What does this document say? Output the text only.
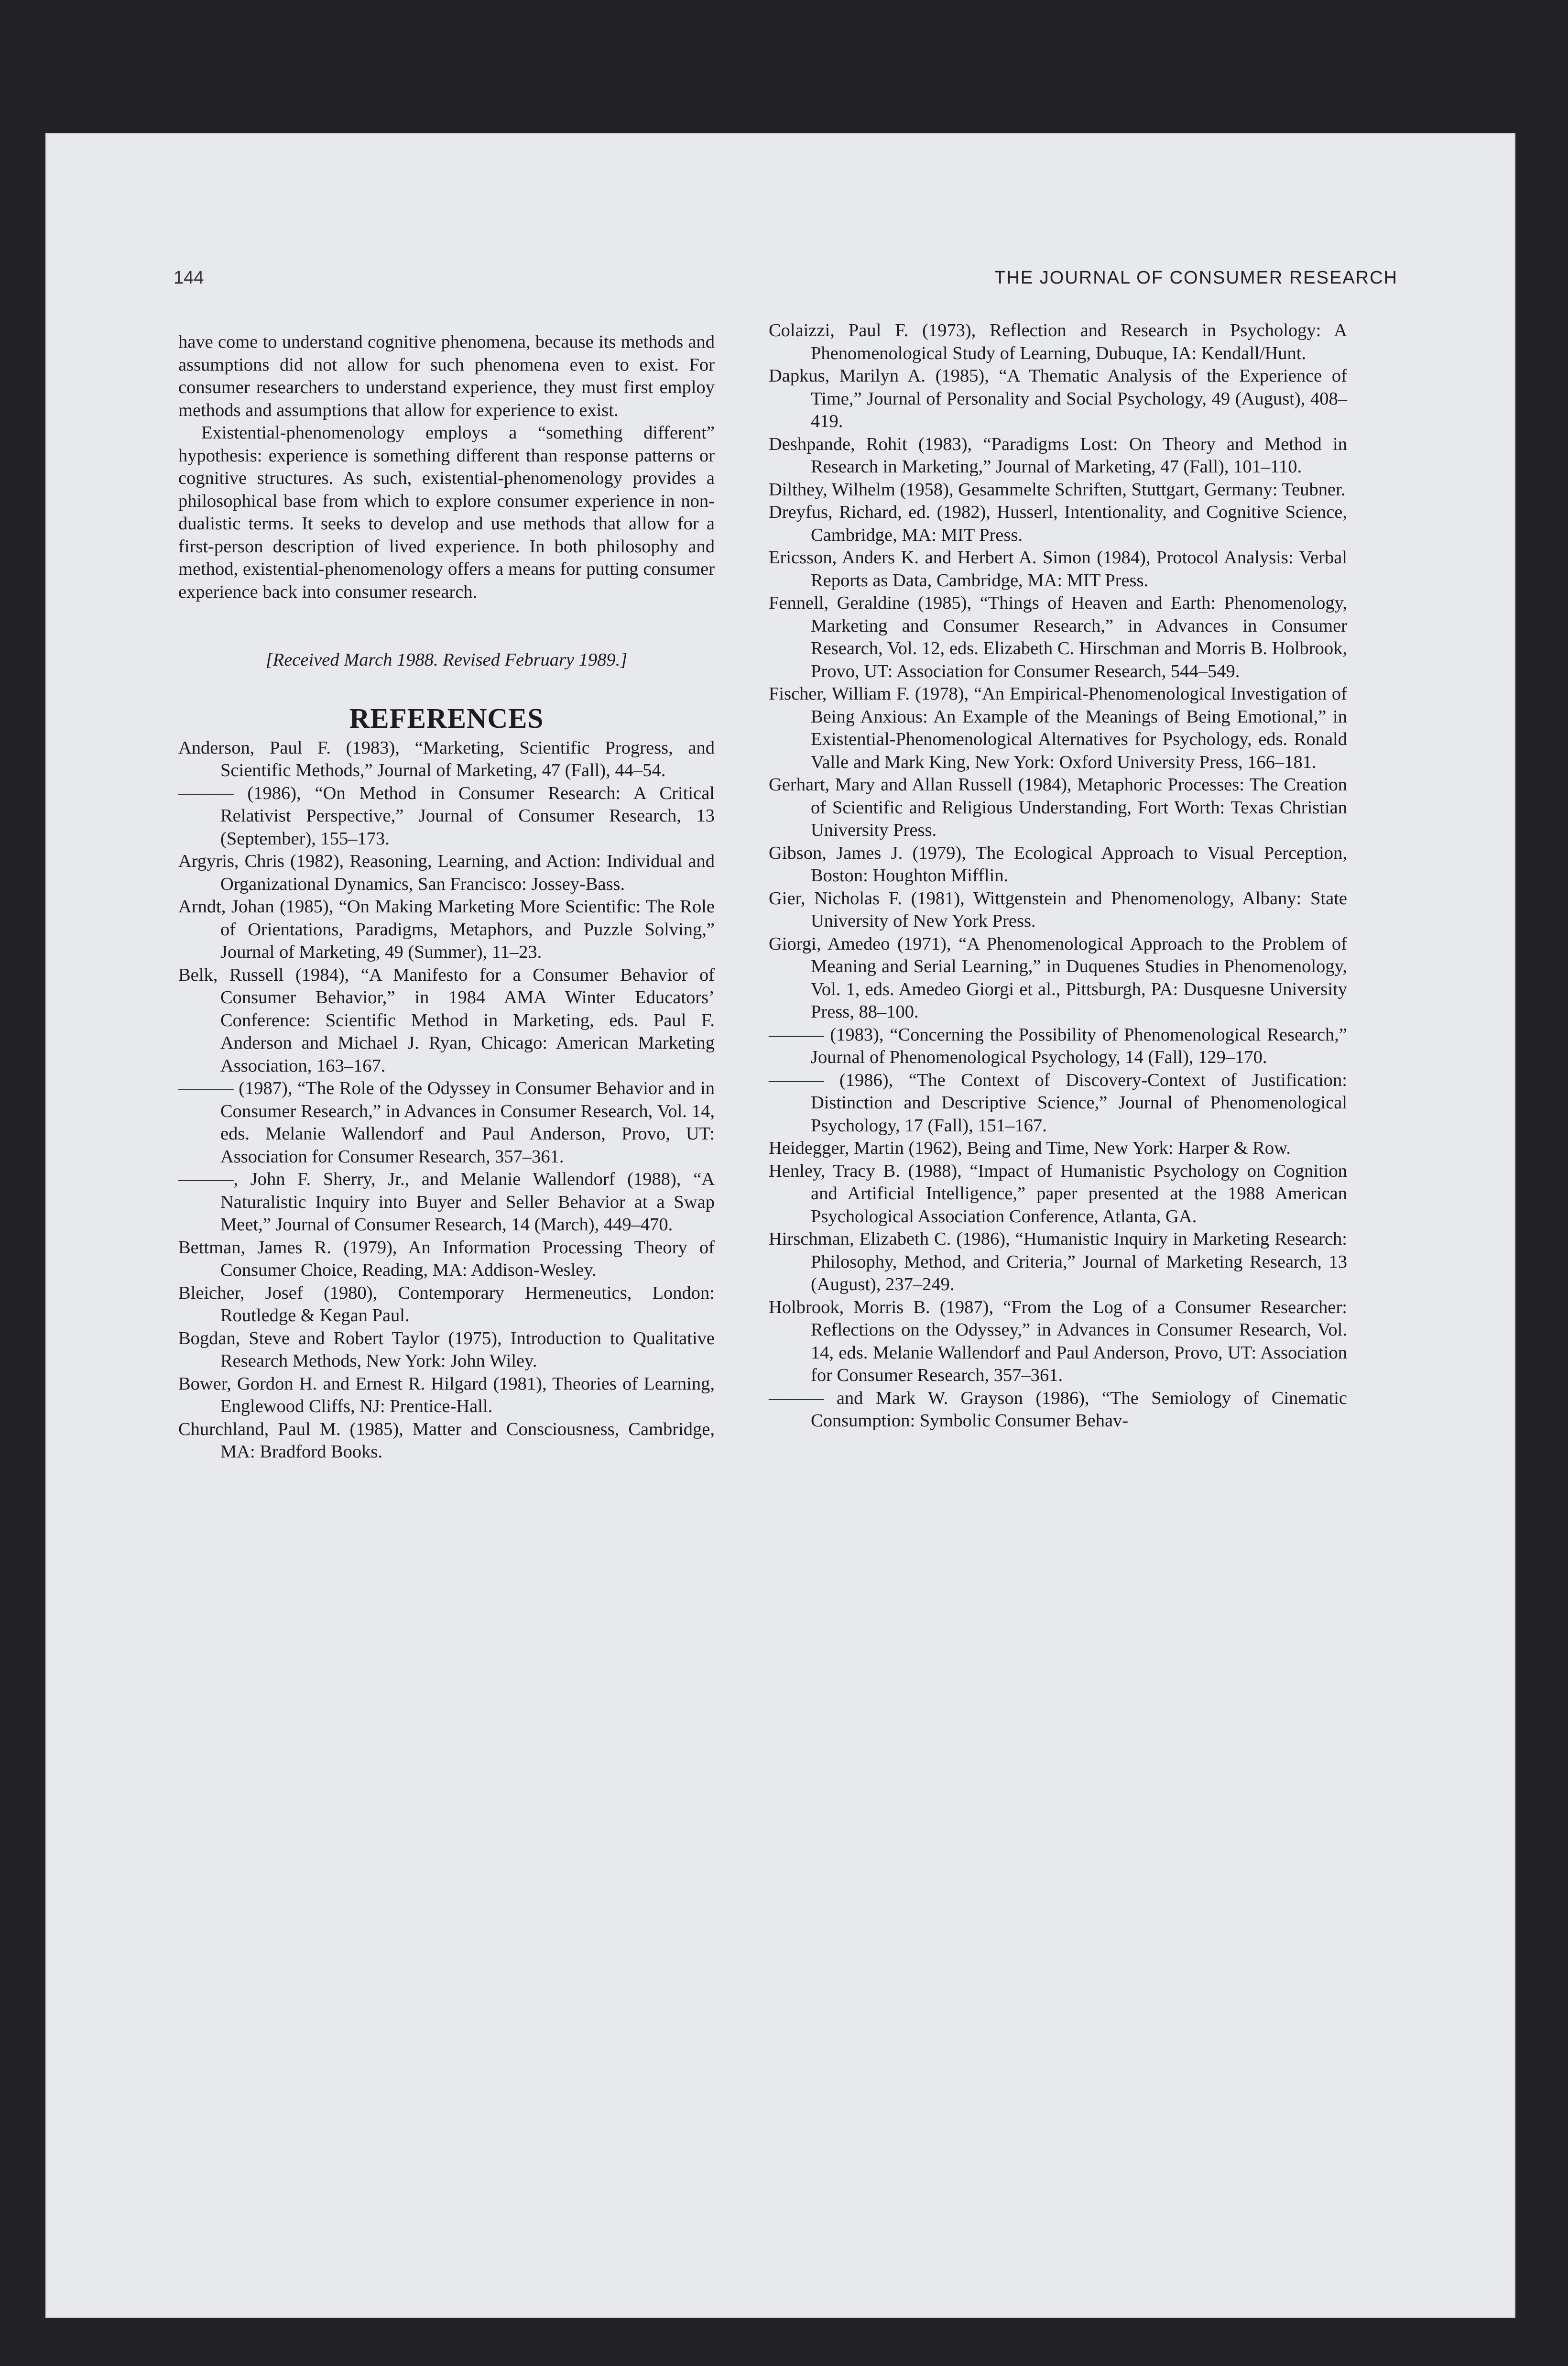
144	THE JOURNAL OF CONSUMER RESEARCH

have come to understand cognitive phenomena, because its methods and assumptions did not allow for such phenomena even to exist. For consumer researchers to understand experience, they must first employ methods and assumptions that allow for experience to exist.

Existential-phenomenology employs a “something different” hypothesis: experience is something different than response patterns or cognitive structures. As such, existential-phenomenology provides a philosophical base from which to explore consumer experience in non-dualistic terms. It seeks to develop and use methods that allow for a first-person description of lived experience. In both philosophy and method, existential-phenomenology offers a means for putting consumer experience back into consumer research.

[Received March 1988. Revised February 1989.]
REFERENCES

Anderson, Paul F. (1983), “Marketing, Scientific Progress, and Scientific Methods,” Journal of Marketing, 47 (Fall), 44–54.

——— (1986), “On Method in Consumer Research: A Critical Relativist Perspective,” Journal of Consumer Research, 13 (September), 155–173.

Argyris, Chris (1982), Reasoning, Learning, and Action: Individual and Organizational Dynamics, San Francisco: Jossey-Bass.

Arndt, Johan (1985), “On Making Marketing More Scientific: The Role of Orientations, Paradigms, Metaphors, and Puzzle Solving,” Journal of Marketing, 49 (Summer), 11–23.

Belk, Russell (1984), “A Manifesto for a Consumer Behavior of Consumer Behavior,” in 1984 AMA Winter Educators’ Conference: Scientific Method in Marketing, eds. Paul F. Anderson and Michael J. Ryan, Chicago: American Marketing Association, 163–167.

——— (1987), “The Role of the Odyssey in Consumer Behavior and in Consumer Research,” in Advances in Consumer Research, Vol. 14, eds. Melanie Wallendorf and Paul Anderson, Provo, UT: Association for Consumer Research, 357–361.

———, John F. Sherry, Jr., and Melanie Wallendorf (1988), “A Naturalistic Inquiry into Buyer and Seller Behavior at a Swap Meet,” Journal of Consumer Research, 14 (March), 449–470.

Bettman, James R. (1979), An Information Processing Theory of Consumer Choice, Reading, MA: Addison-Wesley.

Bleicher, Josef (1980), Contemporary Hermeneutics, London: Routledge & Kegan Paul.

Bogdan, Steve and Robert Taylor (1975), Introduction to Qualitative Research Methods, New York: John Wiley.

Bower, Gordon H. and Ernest R. Hilgard (1981), Theories of Learning, Englewood Cliffs, NJ: Prentice-Hall.

Churchland, Paul M. (1985), Matter and Consciousness, Cambridge, MA: Bradford Books.

Colaizzi, Paul F. (1973), Reflection and Research in Psychology: A Phenomenological Study of Learning, Dubuque, IA: Kendall/Hunt.

Dapkus, Marilyn A. (1985), “A Thematic Analysis of the Experience of Time,” Journal of Personality and Social Psychology, 49 (August), 408–419.

Deshpande, Rohit (1983), “Paradigms Lost: On Theory and Method in Research in Marketing,” Journal of Marketing, 47 (Fall), 101–110.

Dilthey, Wilhelm (1958), Gesammelte Schriften, Stuttgart, Germany: Teubner.

Dreyfus, Richard, ed. (1982), Husserl, Intentionality, and Cognitive Science, Cambridge, MA: MIT Press.

Ericsson, Anders K. and Herbert A. Simon (1984), Protocol Analysis: Verbal Reports as Data, Cambridge, MA: MIT Press.

Fennell, Geraldine (1985), “Things of Heaven and Earth: Phenomenology, Marketing and Consumer Research,” in Advances in Consumer Research, Vol. 12, eds. Elizabeth C. Hirschman and Morris B. Holbrook, Provo, UT: Association for Consumer Research, 544–549.

Fischer, William F. (1978), “An Empirical-Phenomenological Investigation of Being Anxious: An Example of the Meanings of Being Emotional,” in Existential-Phenomenological Alternatives for Psychology, eds. Ronald Valle and Mark King, New York: Oxford University Press, 166–181.

Gerhart, Mary and Allan Russell (1984), Metaphoric Processes: The Creation of Scientific and Religious Understanding, Fort Worth: Texas Christian University Press.

Gibson, James J. (1979), The Ecological Approach to Visual Perception, Boston: Houghton Mifflin.

Gier, Nicholas F. (1981), Wittgenstein and Phenomenology, Albany: State University of New York Press.

Giorgi, Amedeo (1971), “A Phenomenological Approach to the Problem of Meaning and Serial Learning,” in Duquenes Studies in Phenomenology, Vol. 1, eds. Amedeo Giorgi et al., Pittsburgh, PA: Dusquesne University Press, 88–100.

——— (1983), “Concerning the Possibility of Phenomenological Research,” Journal of Phenomenological Psychology, 14 (Fall), 129–170.

——— (1986), “The Context of Discovery-Context of Justification: Distinction and Descriptive Science,” Journal of Phenomenological Psychology, 17 (Fall), 151–167.

Heidegger, Martin (1962), Being and Time, New York: Harper & Row.

Henley, Tracy B. (1988), “Impact of Humanistic Psychology on Cognition and Artificial Intelligence,” paper presented at the 1988 American Psychological Association Conference, Atlanta, GA.

Hirschman, Elizabeth C. (1986), “Humanistic Inquiry in Marketing Research: Philosophy, Method, and Criteria,” Journal of Marketing Research, 13 (August), 237–249.

Holbrook, Morris B. (1987), “From the Log of a Consumer Researcher: Reflections on the Odyssey,” in Advances in Consumer Research, Vol. 14, eds. Melanie Wallendorf and Paul Anderson, Provo, UT: Association for Consumer Research, 357–361.

——— and Mark W. Grayson (1986), “The Semiology of Cinematic Consumption: Symbolic Consumer Behav-
